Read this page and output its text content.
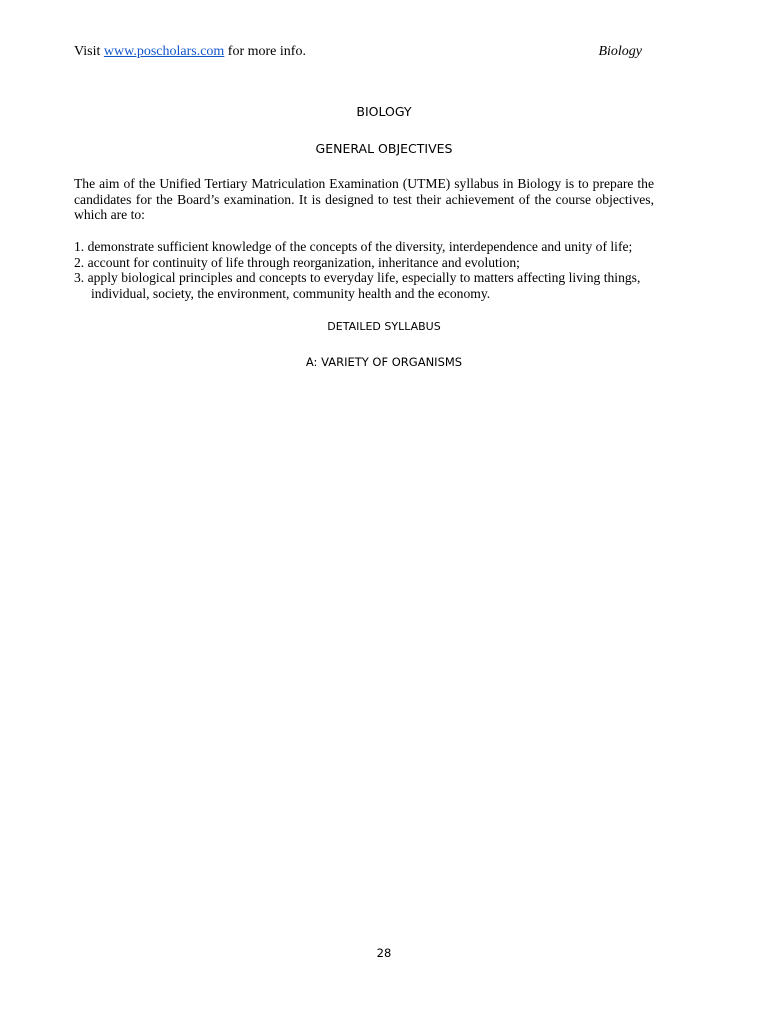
Visit www.poscholars.com for more info.	Biology
BIOLOGY
GENERAL OBJECTIVES

The aim of the Unified Tertiary Matriculation Examination (UTME) syllabus in Biology is to prepare the candidates for the Board’s examination. It is designed to test their achievement of the course objectives, which are to:

1. demonstrate sufficient knowledge of the concepts of the diversity, interdependence and unity of life;
2. account for continuity of life through reorganization, inheritance and evolution;
3. apply biological principles and concepts to everyday life, especially to matters affecting living things, individual, society, the environment, community health and the economy.
DETAILED SYLLABUS
A: VARIETY OF ORGANISMS
28
